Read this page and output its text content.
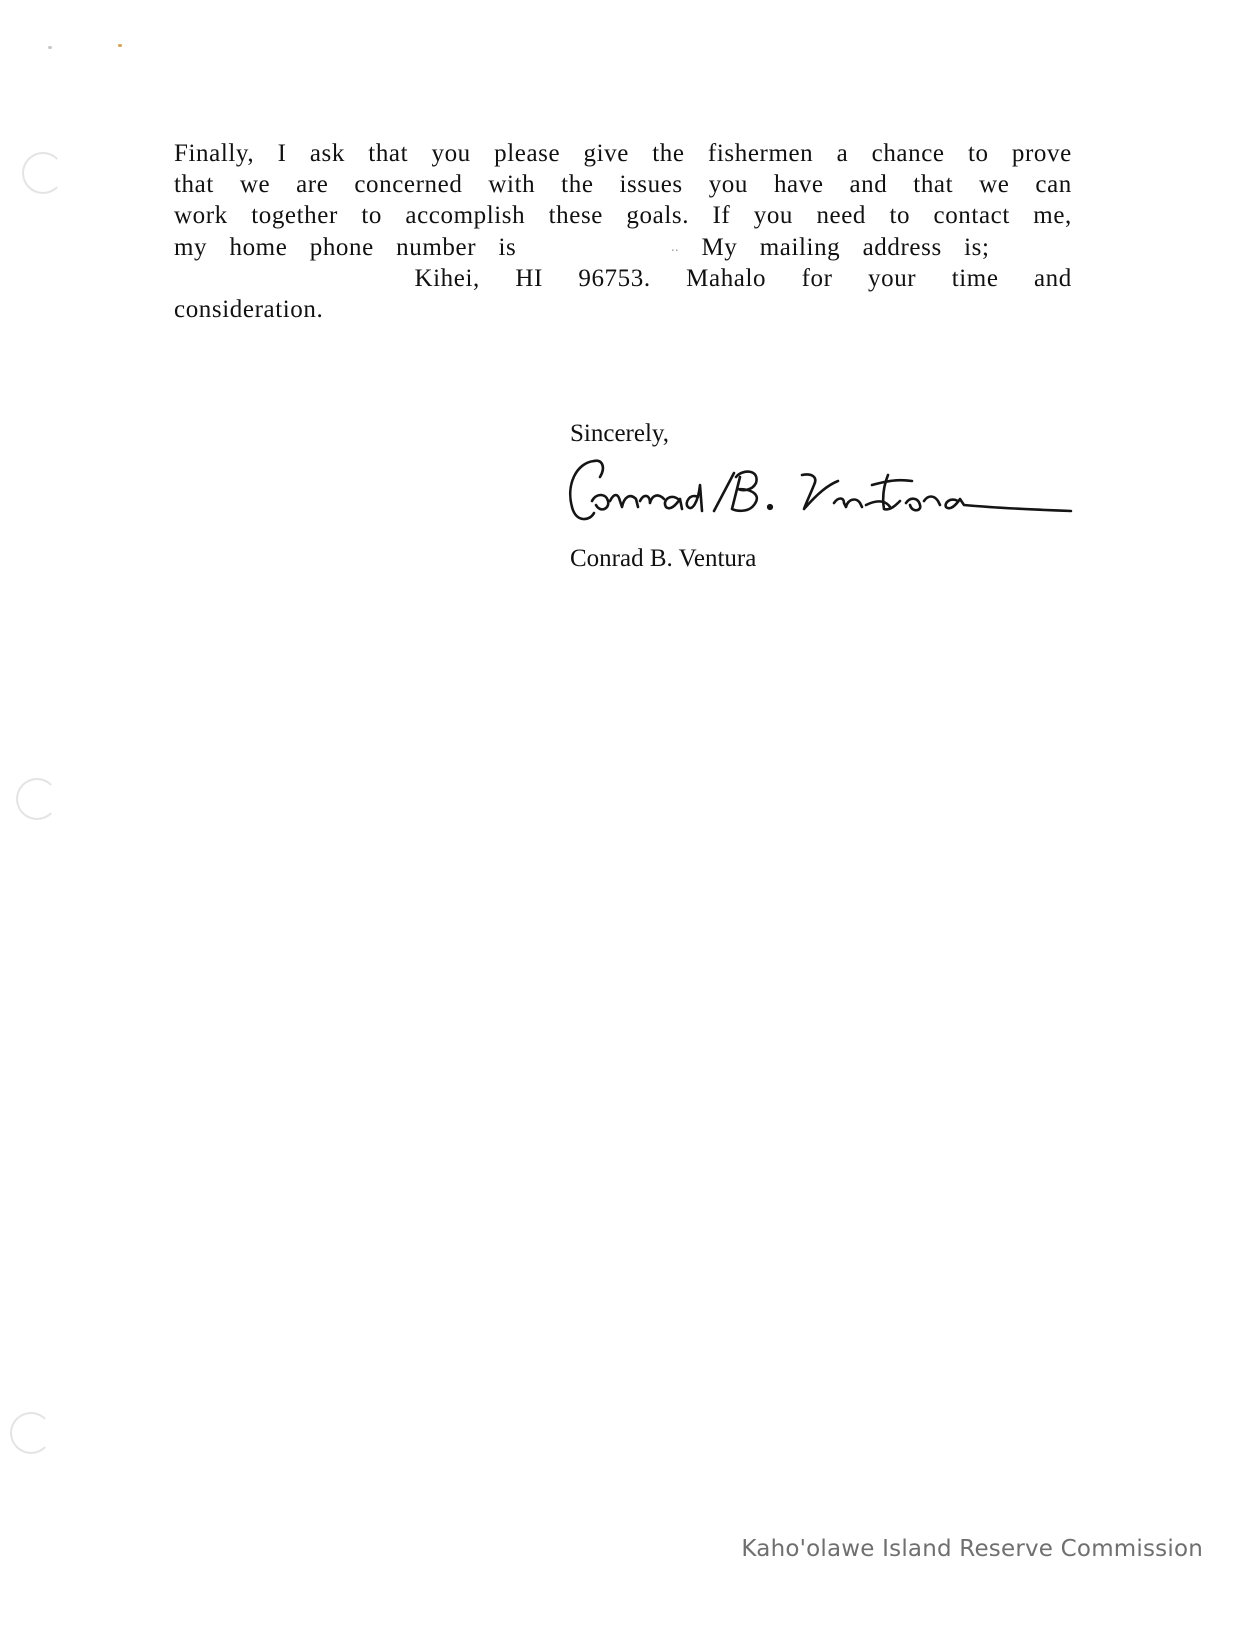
Finally, I ask that you please give the fishermen a chance to prove
that we are concerned with the issues you have and that we can
work together to accomplish these goals. If you need to contact me,
my home phone number is	.. My mailing address is;
Kihei, HI 96753. Mahalo for your time and
consideration.
Sincerely,
Conrad B. Ventura
Kaho'olawe Island Reserve Commission
